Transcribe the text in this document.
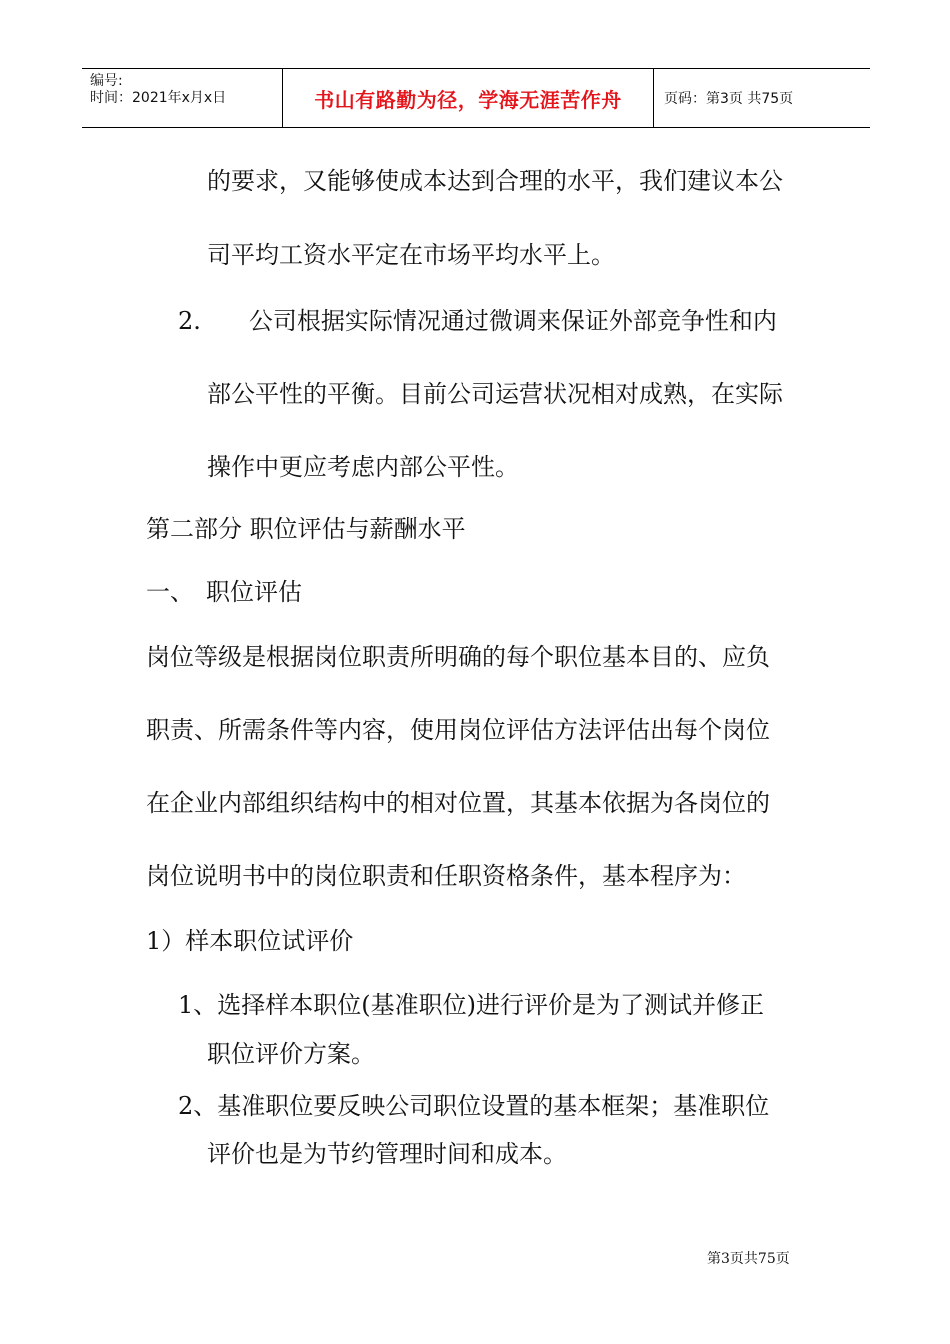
编号:
时间：2021年x月x日	书山有路勤为径，学海无涯苦作舟	页码：第3页 共75页
的要求，又能够使成本达到合理的水平，我们建议本公
司平均工资水平定在市场平均水平上。
2.　　公司根据实际情况通过微调来保证外部竞争性和内
部公平性的平衡。目前公司运营状况相对成熟，在实际
操作中更应考虑内部公平性。
第二部分 职位评估与薪酬水平
一、　职位评估
岗位等级是根据岗位职责所明确的每个职位基本目的、应负
职责、所需条件等内容，使用岗位评估方法评估出每个岗位
在企业内部组织结构中的相对位置，其基本依据为各岗位的
岗位说明书中的岗位职责和任职资格条件，基本程序为：
1）样本职位试评价
1、选择样本职位(基准职位)进行评价是为了测试并修正
职位评价方案。
2、基准职位要反映公司职位设置的基本框架；基准职位
评价也是为节约管理时间和成本。
第3页共75页
